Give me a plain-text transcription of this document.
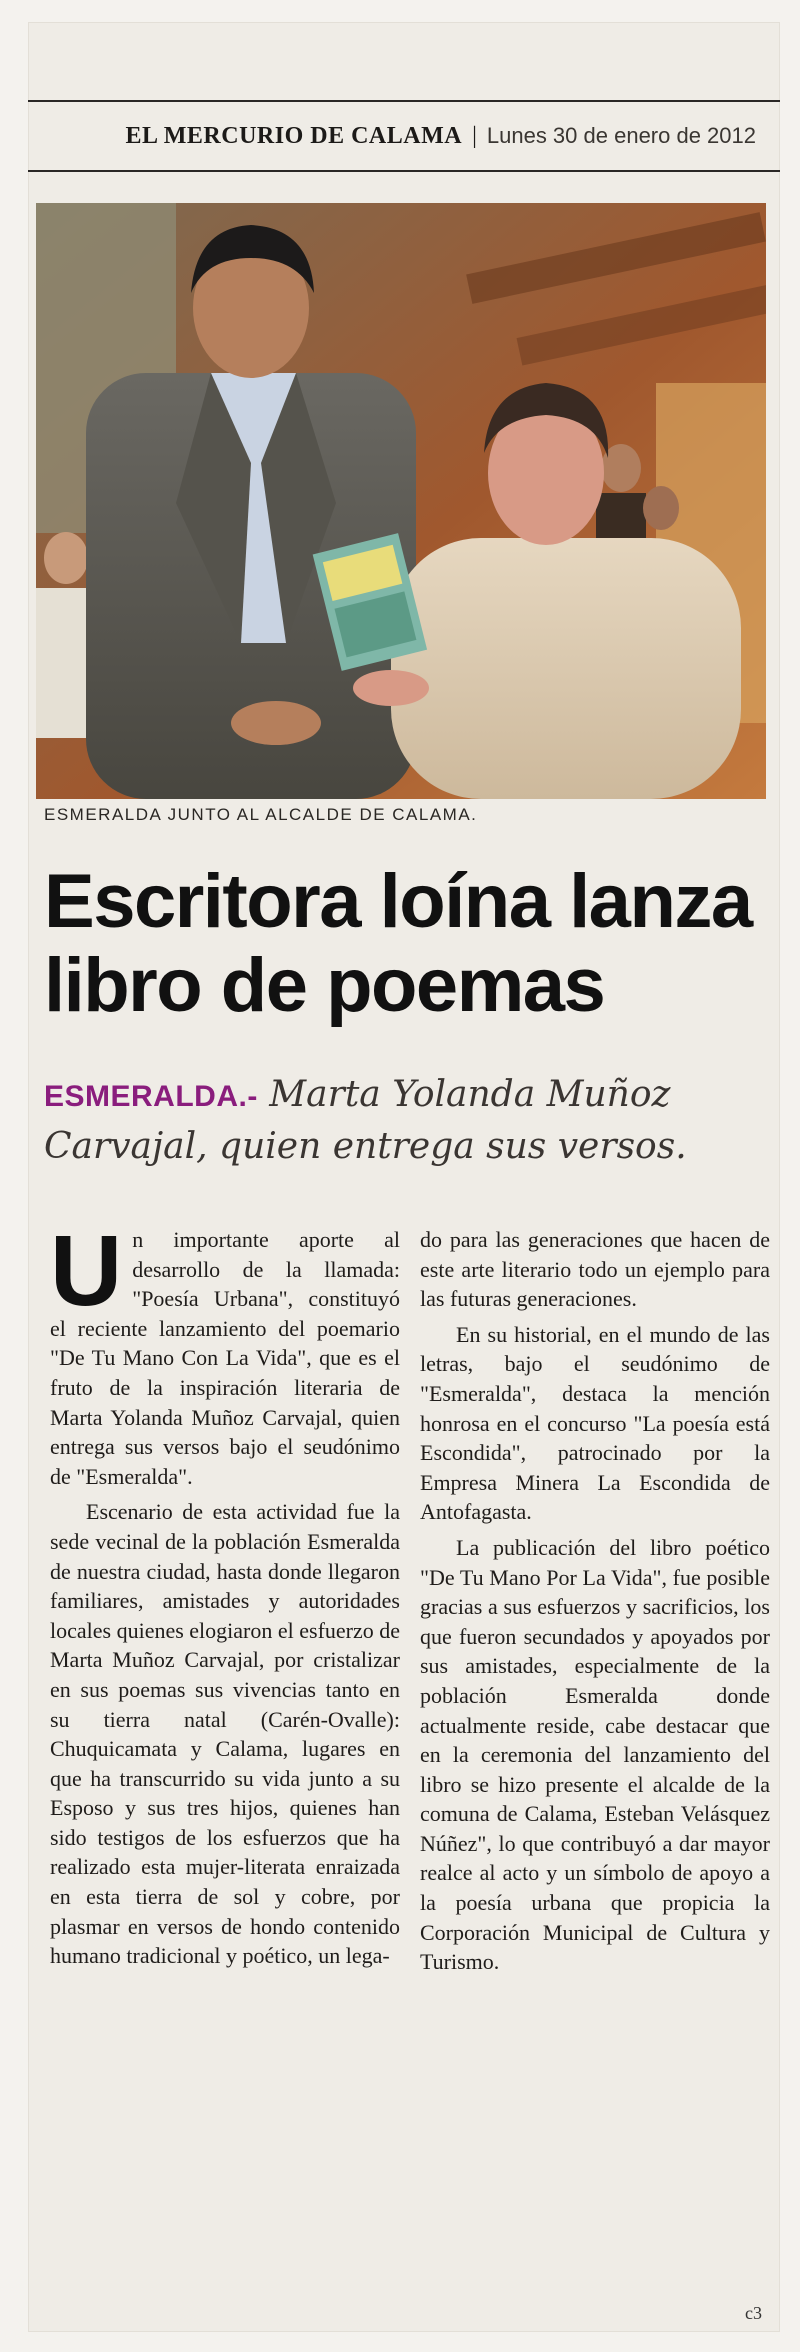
EL MERCURIO DE CALAMA | Lunes 30 de enero de 2012
ESMERALDA JUNTO AL ALCALDE DE CALAMA.
Escritora loína lanza
libro de poemas
ESMERALDA.- Marta Yolanda Muñoz Carvajal, quien entrega sus versos.

Un importante aporte al desarrollo de la llamada: "Poesía Urbana", constituyó el reciente lanzamiento del poemario "De Tu Mano Con La Vida", que es el fruto de la inspiración literaria de Marta Yolanda Muñoz Carvajal, quien entrega sus versos bajo el seudónimo de "Esmeralda".

Escenario de esta actividad fue la sede vecinal de la población Esmeralda de nuestra ciudad, hasta donde llegaron familiares, amistades y autoridades locales quienes elogiaron el esfuerzo de Marta Muñoz Carvajal, por cristalizar en sus poemas sus vivencias tanto en su tierra natal (Carén-Ovalle): Chuquicamata y Calama, lugares en que ha transcurrido su vida junto a su Esposo y sus tres hijos, quienes han sido testigos de los esfuerzos que ha realizado esta mujer-literata enraizada en esta tierra de sol y cobre, por plasmar en versos de hondo contenido humano tradicional y poético, un lega-

do para las generaciones que hacen de este arte literario todo un ejemplo para las futuras generaciones.

En su historial, en el mundo de las letras, bajo el seudónimo de "Esmeralda", destaca la mención honrosa en el concurso "La poesía está Escondida", patrocinado por la Empresa Minera La Escondida de Antofagasta.

La publicación del libro poético "De Tu Mano Por La Vida", fue posible gracias a sus esfuerzos y sacrificios, los que fueron secundados y apoyados por sus amistades, especialmente de la población Esmeralda donde actualmente reside, cabe destacar que en la ceremonia del lanzamiento del libro se hizo presente el alcalde de la comuna de Calama, Esteban Velásquez Núñez", lo que contribuyó a dar mayor realce al acto y un símbolo de apoyo a la poesía urbana que propicia la Corporación Municipal de Cultura y Turismo.

c3
